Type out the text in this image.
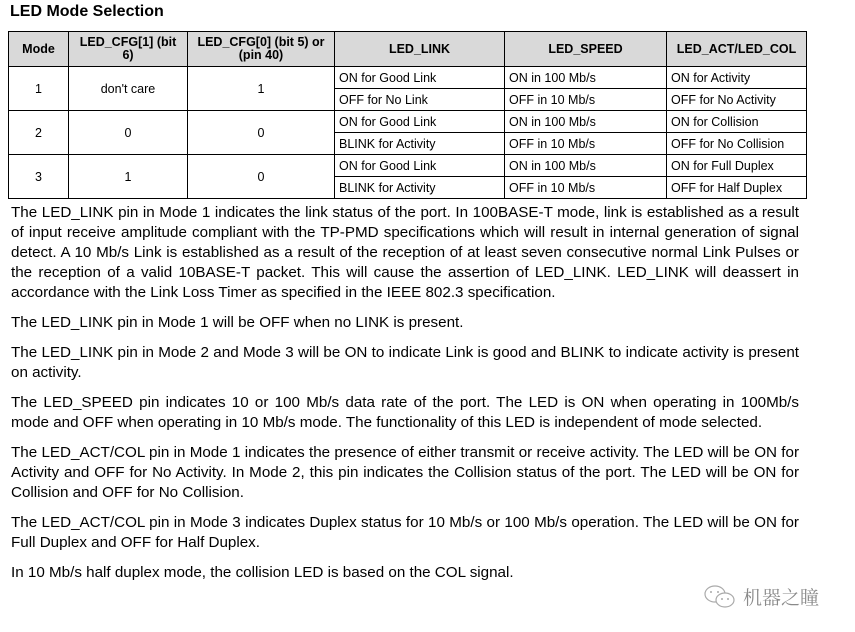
LED Mode Selection
Mode	LED_CFG[1] (bit 6)	LED_CFG[0] (bit 5) or (pin 40)	LED_LINK	LED_SPEED	LED_ACT/LED_COL
1	don't care	1	ON for Good Link	ON in 100 Mb/s	ON for Activity
			OFF for No Link	OFF in 10 Mb/s	OFF for No Activity
2	0	0	ON for Good Link	ON in 100 Mb/s	ON for Collision
			BLINK for Activity	OFF in 10 Mb/s	OFF for No Collision
3	1	0	ON for Good Link	ON in 100 Mb/s	ON for Full Duplex
			BLINK for Activity	OFF in 10 Mb/s	OFF for Half Duplex

The LED_LINK pin in Mode 1 indicates the link status of the port. In 100BASE-T mode, link is established as a result of input receive amplitude compliant with the TP-PMD specifications which will result in internal generation of signal detect. A 10 Mb/s Link is established as a result of the reception of at least seven consecutive normal Link Pulses or the reception of a valid 10BASE-T packet. This will cause the assertion of LED_LINK. LED_LINK will deassert in accordance with the Link Loss Timer as specified in the IEEE 802.3 specification.

The LED_LINK pin in Mode 1 will be OFF when no LINK is present.

The LED_LINK pin in Mode 2 and Mode 3 will be ON to indicate Link is good and BLINK to indicate activity is present on activity.

The LED_SPEED pin indicates 10 or 100 Mb/s data rate of the port. The LED is ON when operating in 100Mb/s mode and OFF when operating in 10 Mb/s mode. The functionality of this LED is independent of mode selected.

The LED_ACT/COL pin in Mode 1 indicates the presence of either transmit or receive activity. The LED will be ON for Activity and OFF for No Activity. In Mode 2, this pin indicates the Collision status of the port. The LED will be ON for Collision and OFF for No Collision.

The LED_ACT/COL pin in Mode 3 indicates Duplex status for 10 Mb/s or 100 Mb/s operation. The LED will be ON for Full Duplex and OFF for Half Duplex.

In 10 Mb/s half duplex mode, the collision LED is based on the COL signal.

机器之瞳
